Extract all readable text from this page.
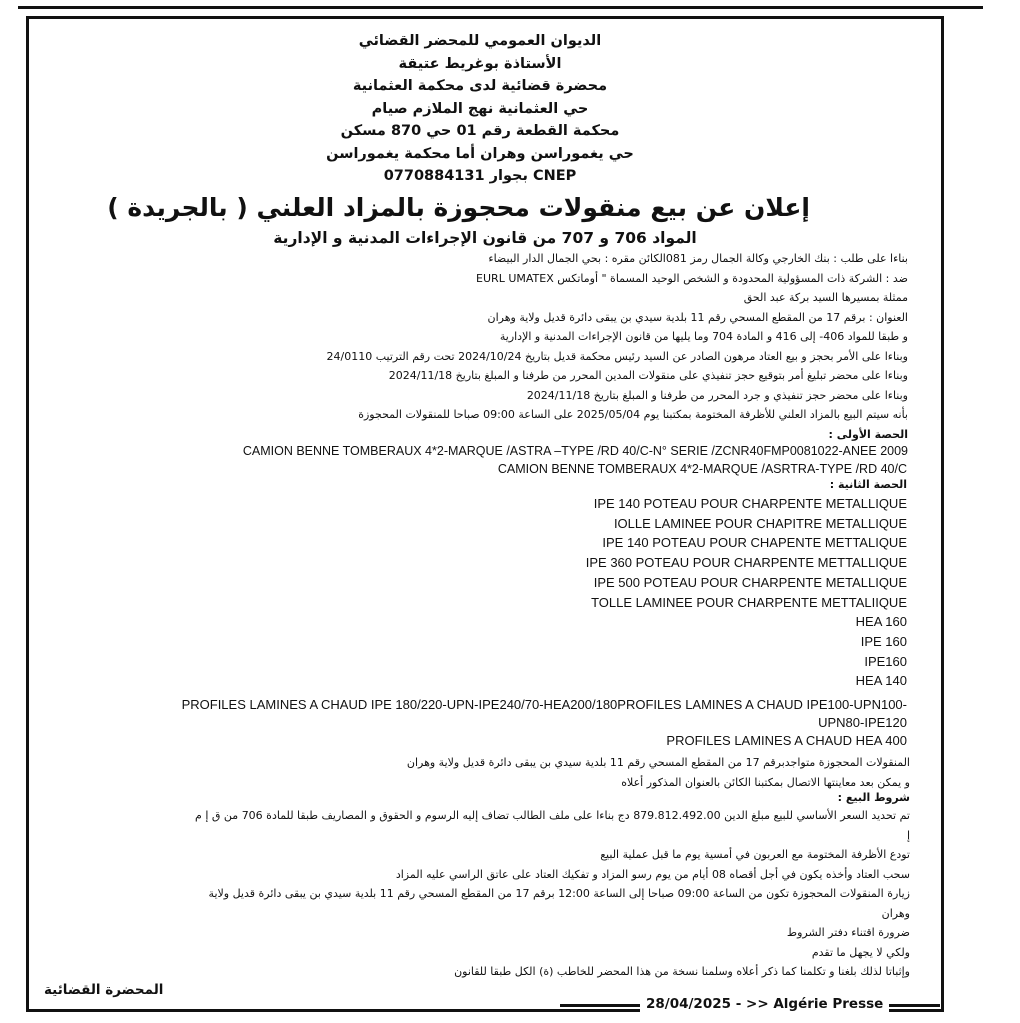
الديوان العمومي للمحضر القضائي
الأستاذة بوغريط عتيقة
محضرة قضائية لدى محكمة العثمانية
حي العثمانية نهج الملازم صيام
محكمة القطعة رقم 01 حي 870 مسكن
حي يغموراسن وهران أما محكمة يغموراسن
CNEP بجوار 0770884131
إعلان عن بيع منقولات محجوزة بالمزاد العلني ( بالجريدة )
المواد 706 و 707 من قانون الإجراءات المدنية و الإدارية
بناءا على طلب : بنك الخارجي وكالة الجمال رمز 081الكائن مقره : بحي الجمال الدار البيضاء
ضد : الشركة ذات المسؤولية المحدودة و الشخص الوحيد المسماة " أوماتكس EURL UMATEX
ممثلة بمسيرها السيد بركة عبد الحق
العنوان : برقم 17 من المقطع المسحي رقم 11 بلدية سيدي بن يبقى دائرة قديل ولاية وهران
و طبقا للمواد 406- إلى 416 و المادة 704 وما يليها من قانون الإجراءات المدنية و الإدارية
وبناءا على الأمر بحجز و بيع العتاد مرهون الصادر عن السيد رئيس محكمة قديل بتاريخ 2024/10/24 تحت رقم الترتيب 24/0110
وبناءا على محضر تبليغ أمر بتوقيع حجز تنفيذي على منقولات المدين المحرر من طرفنا و المبلغ بتاريخ 2024/11/18
وبناءا على محضر حجز تنفيذي و جرد المحرر من طرفنا و المبلغ بتاريخ 2024/11/18
بأنه سيتم البيع بالمزاد العلني للأظرفة المختومة بمكتبنا يوم 2025/05/04 على الساعة 09:00 صباحا للمنقولات المحجوزة
الحصة الأولى :
CAMION BENNE TOMBERAUX 4*2-MARQUE /ASTRA –TYPE /RD 40/C-N° SERIE /ZCNR40FMP0081022-ANEE 2009
CAMION BENNE TOMBERAUX 4*2-MARQUE /ASRTRA-TYPE /RD 40/C
الحصة الثانية :
IPE 140 POTEAU POUR CHARPENTE METALLIQUE
IOLLE LAMINEE POUR CHAPITRE METALLIQUE
IPE 140 POTEAU POUR CHAPENTE METTALIQUE
IPE 360 POTEAU POUR CHARPENTE METTALLIQUE
IPE 500 POTEAU POUR CHARPENTE METALLIQUE
TOLLE LAMINEE POUR CHARPENTE METTALIIQUE
HEA 160
IPE 160
IPE160
HEA 140
PROFILES LAMINES A CHAUD IPE 180/220-UPN-IPE240/70-HEA200/180PROFILES LAMINES A CHAUD IPE100-UPN100-
UPN80-IPE120
PROFILES LAMINES A CHAUD HEA 400
المنقولات المحجوزة متواجدبرقم 17 من المقطع المسحي رقم 11 بلدية سيدي بن يبقى دائرة قديل ولاية وهران
و يمكن بعد معاينتها الاتصال بمكتبنا الكائن بالعنوان المذكور أعلاه
شروط البيع :
تم تحديد السعر الأساسي للبيع مبلغ الدين 879.812.492.00 دج بناءا على ملف الطالب تضاف إليه الرسوم و الحقوق و المصاريف طبقا للمادة 706 من ق إ م
إ
تودع الأظرفة المختومة مع العربون في أمسية يوم ما قبل عملية البيع
سحب العتاد وأخذه يكون في أجل أقصاه 08 أيام من يوم رسو المزاد و تفكيك العتاد على عاتق الراسي عليه المزاد
زيارة المنقولات المحجوزة تكون من الساعة 09:00 صباحا إلى الساعة 12:00 برقم 17 من المقطع المسحي رقم 11 بلدية سيدي بن يبقى دائرة قديل ولاية
وهران
ضرورة اقتناء دفتر الشروط
ولكي لا يجهل ما تقدم
وإثباتا لذلك بلغنا و تكلمنا كما ذكر أعلاه وسلمنا نسخة من هذا المحضر للخاطب (ة) الكل طبقا للقانون
المحضرة القضائية
28/04/2025 - >> Algérie Presse
